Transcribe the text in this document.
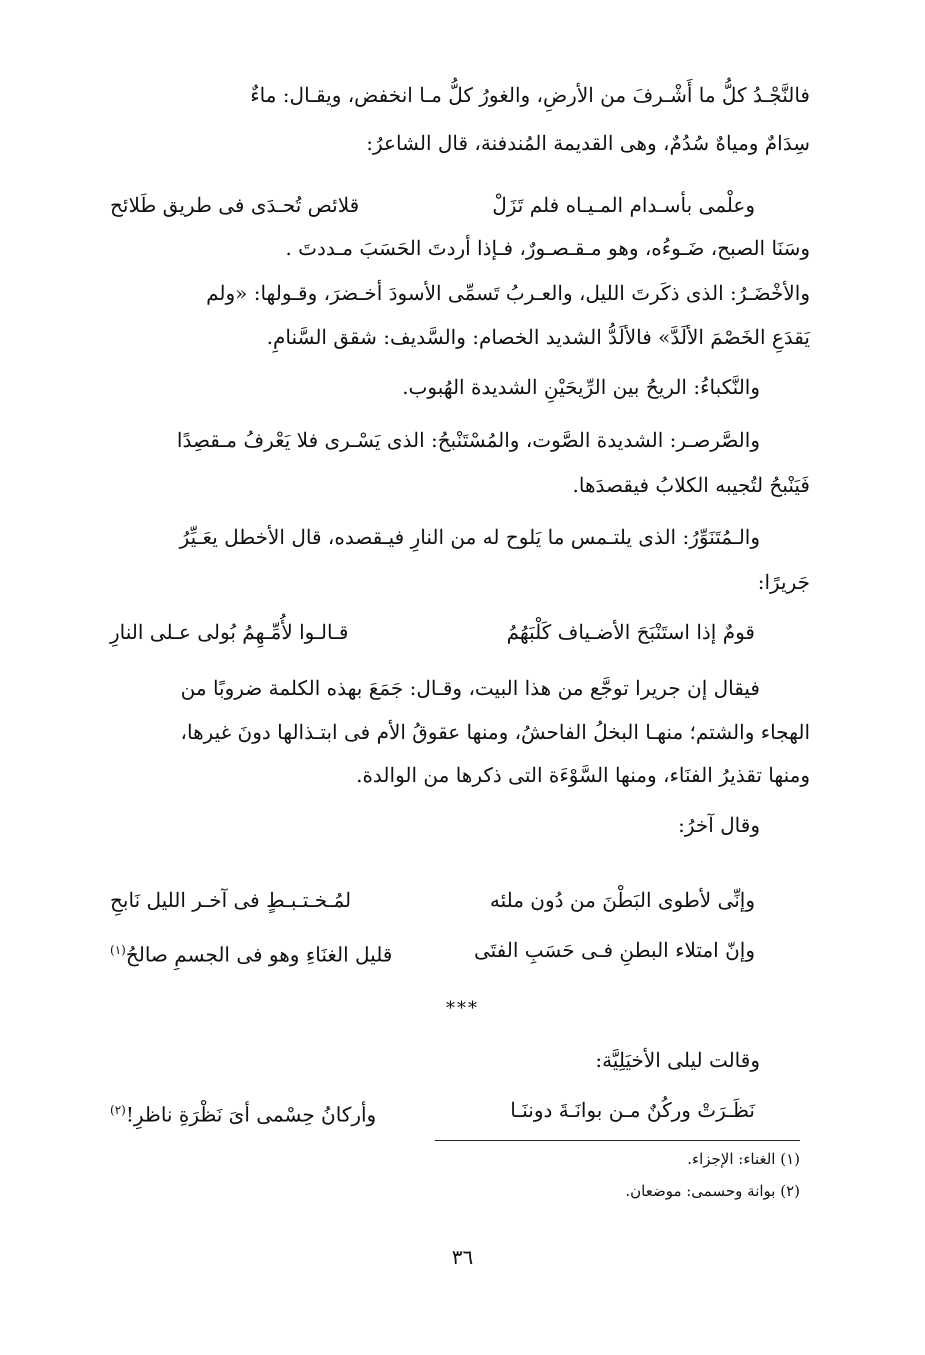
فالنَّجْـدُ كلُّ ما أَشْـرفَ من الأرضِ، والغورُ كلُّ مـا انخفض، ويقـال: ماءٌ
سِدَامٌ ومياهٌ سُدُمٌ، وهى القديمة المُندفنة، قال الشاعرُ:
وعلْمى بأسـدام المـيـاه فلم تَزَلْ
قلائص تُحـدَى فى طريق طَلائح
وسَنَا الصبح، ضَـوءُه، وهو مـقـصـورٌ، فـإذا أردتَ الحَسَبَ مـددتَ .
والأخْضَـرُ: الذى ذكَرتَ الليل، والعـربُ تَسمِّى الأسودَ أخـضرَ، وقـولها: «ولم
يَقدَعِ الخَصْمَ الألَدَّ» فالألَدُّ الشديد الخصام: والسَّديف: شقق السَّنامِ.
والنَّكباءُ: الريحُ بين الرِّيحَيْنِ الشديدة الهُبوب.
والصَّرصـر: الشديدة الصَّوت، والمُسْتَنْبحُ: الذى يَسْـرى فلا يَعْرفُ مـقصِدًا
فَيَنْبحُ لتُجيبه الكلابُ فيقصدَها.
والـمُتَنَوِّرُ: الذى يلتـمس ما يَلوح له من النارِ فيـقصده، قال الأخطل يعَـيِّرُ
جَريرًا:
قومٌ إذا استَنْبَحَ الأضـياف كَلْبَهُمُ
قـالـوا لأُمِّـهِمُ بُولى عـلى النارِ
فيقال إن جريرا توجَّع من هذا البيت، وقـال: جَمَعَ بهذه الكلمة ضروبًا من
الهجاء والشتم؛ منهـا البخلُ الفاحشُ، ومنها عقوقُ الأم فى ابتـذالها دونَ غيرها،
ومنها تقذيرُ الفنَاء، ومنها السَّوْءَة التى ذكرها من الوالدة.
وقال آخرُ:
وإنِّى لأطوى البَطْنَ من دُون ملئه
لمُـخـتـبـطٍ فى آخـر الليل نَابحِ
وإنّ امتلاء البطنِ فـى حَسَبِ الفتَى
قليل الغنَاءِ وهو فى الجسمِ صالحُ$^{(١)}$
***
وقالت ليلى الأخيَلِيَّة:
نَظَـرَتْ وركُنٌ مـن بوانَـةَ دوننَـا
وأركانُ حِسْمى أىَ نَظْرَةِ ناظرِ!$^{(٢)}$
(١) الغناء: الإجزاء.
(٢) بوانة وحسمى: موضعان.
٣٦
